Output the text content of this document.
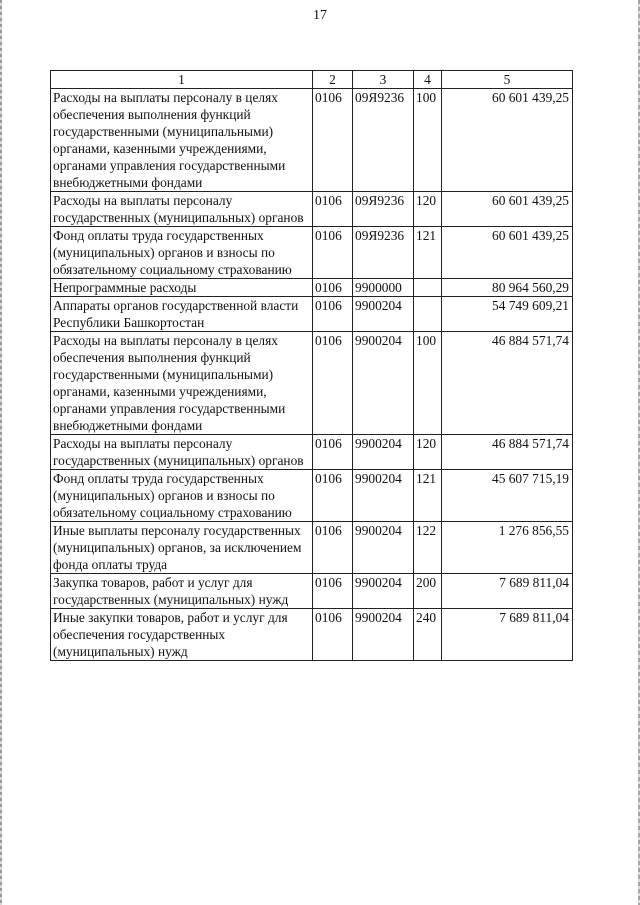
17
1	2	3	4	5
Расходы на выплаты персоналу в целях обеспечения выполнения функций государственными (муниципальными) органами, казенными учреждениями, органами управления государственными внебюджетными фондами	0106	09Я9236	100	60 601 439,25
Расходы на выплаты персоналу государственных (муниципальных) органов	0106	09Я9236	120	60 601 439,25
Фонд оплаты труда государственных (муниципальных) органов и взносы по обязательному социальному страхованию	0106	09Я9236	121	60 601 439,25
Непрограммные расходы	0106	9900000		80 964 560,29
Аппараты органов государственной власти Республики Башкортостан	0106	9900204		54 749 609,21
Расходы на выплаты персоналу в целях обеспечения выполнения функций государственными (муниципальными) органами, казенными учреждениями, органами управления государственными внебюджетными фондами	0106	9900204	100	46 884 571,74
Расходы на выплаты персоналу государственных (муниципальных) органов	0106	9900204	120	46 884 571,74
Фонд оплаты труда государственных (муниципальных) органов и взносы по обязательному социальному страхованию	0106	9900204	121	45 607 715,19
Иные выплаты персоналу государственных (муниципальных) органов, за исключением фонда оплаты труда	0106	9900204	122	1 276 856,55
Закупка товаров, работ и услуг для государственных (муниципальных) нужд	0106	9900204	200	7 689 811,04
Иные закупки товаров, работ и услуг для обеспечения государственных (муниципальных) нужд	0106	9900204	240	7 689 811,04
